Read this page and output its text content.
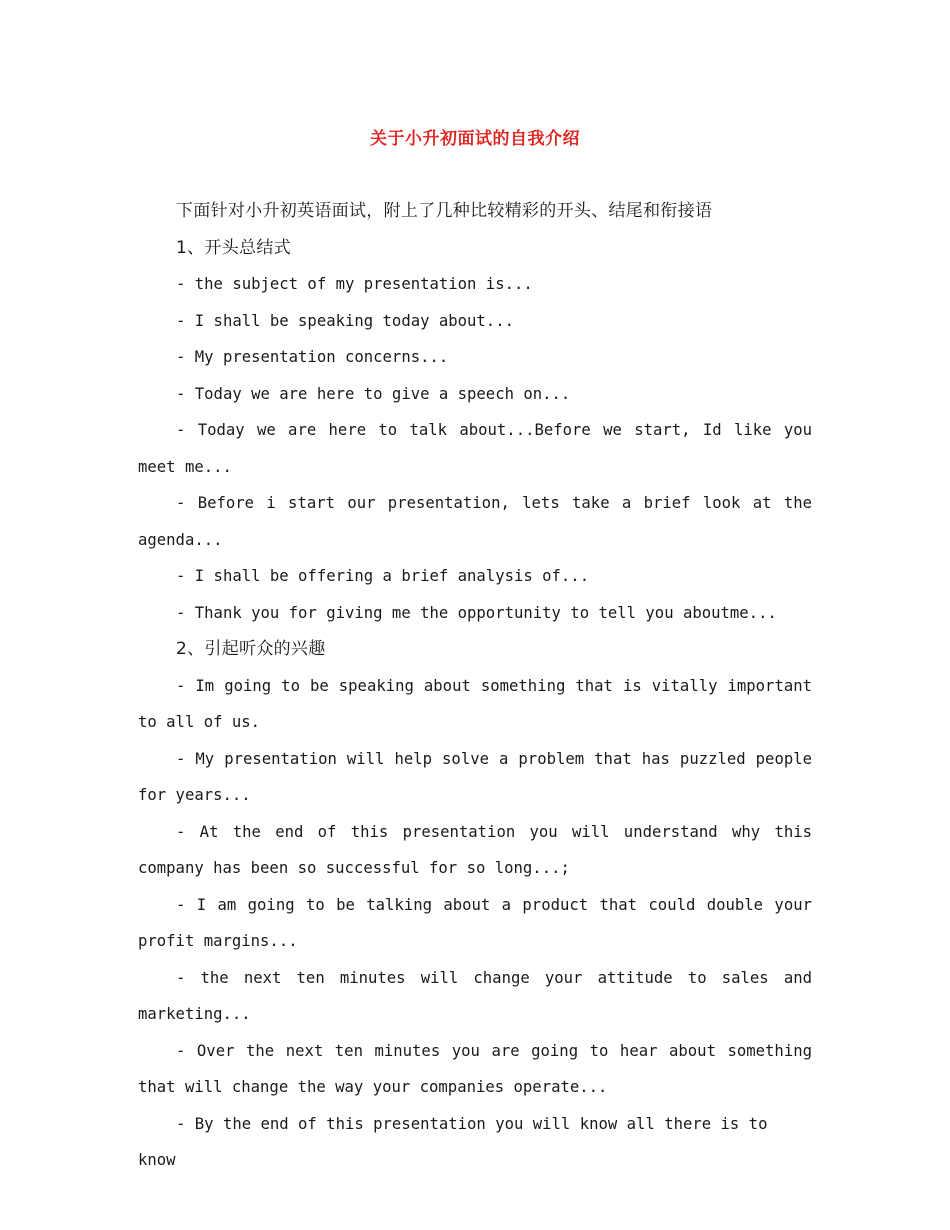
关于小升初面试的自我介绍

下面针对小升初英语面试，附上了几种比较精彩的开头、结尾和衔接语

1、开头总结式

- the subject of my presentation is...

- I shall be speaking today about...

- My presentation concerns...

- Today we are here to give a speech on...

- Today we are here to talk about...Before we start, Id like you meet me...

- Before i start our presentation, lets take a brief look at the agenda...

- I shall be offering a brief analysis of...

- Thank you for giving me the opportunity to tell you aboutme...

2、引起听众的兴趣

- Im going to be speaking about something that is vitally important to all of us.

- My presentation will help solve a problem that has puzzled people for years...

- At the end of this presentation you will understand why this company has been so successful for so long...;

- I am going to be talking about a product that could double your profit margins...

- the next ten minutes will change your attitude to sales and marketing...

- Over the next ten minutes you are going to hear about something that will change the way your companies operate...

- By the end of this presentation you will know all there is to know
